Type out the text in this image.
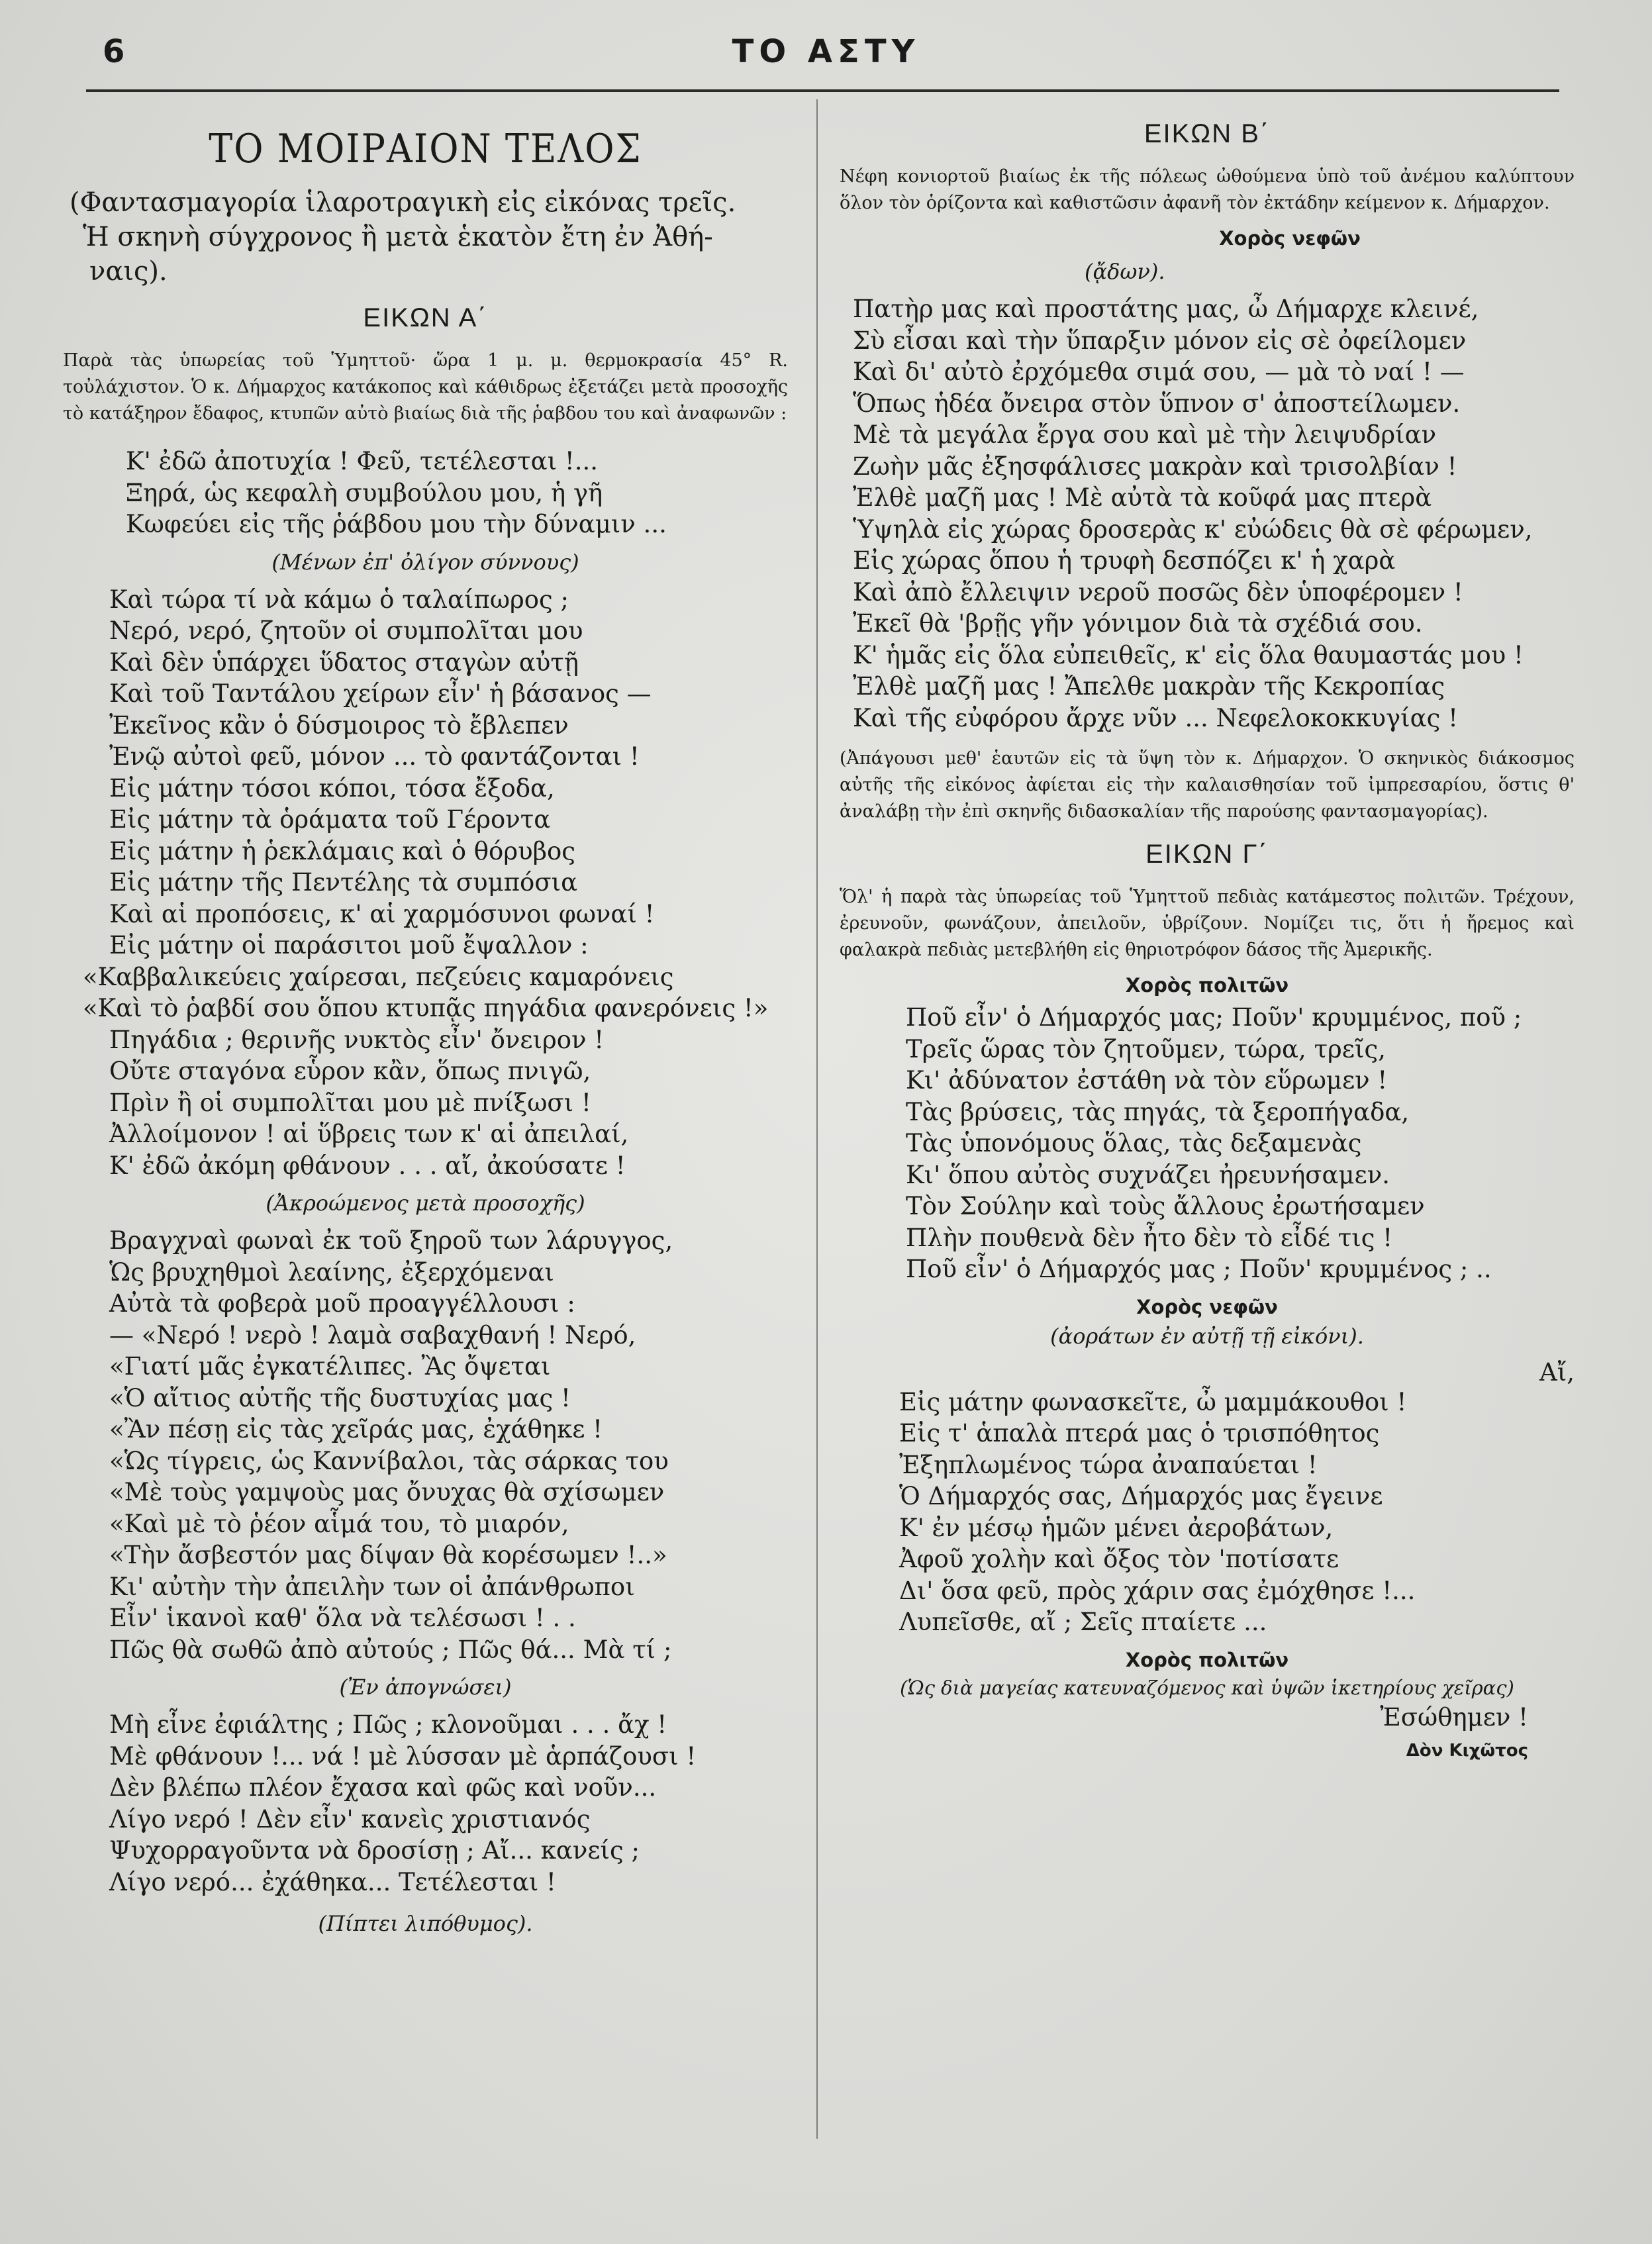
6	ΤΟ ΑΣΤΥ
ΤΟ ΜΟΙΡΑΙΟΝ ΤΕΛΟΣ
(Φαντασμαγορία ἱλαροτραγικὴ εἰς εἰκόνας τρεῖς.
Ἡ σκηνὴ σύγχρονος ἢ μετὰ ἑκατὸν ἔτη ἐν Ἀθή-
ναις).
ΕΙΚΩΝ Α΄
Παρὰ τὰς ὑπωρείας τοῦ Ὑμηττοῦ· ὥρα 1 μ. μ. θερμοκρασία 45° R. τοὐλάχιστον. Ὁ κ. Δήμαρχος κατάκοπος καὶ κάθιδρως ἐξετάζει μετὰ προσοχῆς τὸ κατάξηρον ἔδαφος, κτυπῶν αὐτὸ βιαίως διὰ τῆς ῥαβδου του καὶ ἀναφωνῶν :
Κ' ἐδῶ ἀποτυχία ! Φεῦ, τετέλεσται !...
Ξηρά, ὡς κεφαλὴ συμβούλου μου, ἡ γῆ
Κωφεύει εἰς τῆς ῥάβδου μου τὴν δύναμιν ...
(Μένων ἐπ' ὀλίγον σύννους)
Καὶ τώρα τί νὰ κάμω ὁ ταλαίπωρος ;
Νερό, νερό, ζητοῦν οἱ συμπολῖται μου
Καὶ δὲν ὑπάρχει ὕδατος σταγὼν αὐτῇ
Καὶ τοῦ Ταντάλου χείρων εἶν' ἡ βάσανος —
Ἐκεῖνος κἂν ὁ δύσμοιρος τὸ ἔβλεπεν
Ἐνῷ αὐτοὶ φεῦ, μόνον ... τὸ φαντάζονται !
Εἰς μάτην τόσοι κόποι, τόσα ἔξοδα,
Εἰς μάτην τὰ ὁράματα τοῦ Γέροντα
Εἰς μάτην ἡ ῥεκλάμαις καὶ ὁ θόρυβος
Εἰς μάτην τῆς Πεντέλης τὰ συμπόσια
Καὶ αἱ προπόσεις, κ' αἱ χαρμόσυνοι φωναί !
Εἰς μάτην οἱ παράσιτοι μοῦ ἔψαλλον :
«Καββαλικεύεις χαίρεσαι, πεζεύεις καμαρόνεις
«Καὶ τὸ ῥαβδί σου ὅπου κτυπᾷς πηγάδια φανερόνεις !»
Πηγάδια ; θερινῆς νυκτὸς εἶν' ὄνειρον !
Οὔτε σταγόνα εὗρον κἂν, ὅπως πνιγῶ,
Πρὶν ἢ οἱ συμπολῖται μου μὲ πνίξωσι !
Ἀλλοίμονον ! αἱ ὕβρεις των κ' αἱ ἀπειλαί,
Κ' ἐδῶ ἀκόμη φθάνουν . . . αἴ, ἀκούσατε !
(Ἀκροώμενος μετὰ προσοχῆς)
Βραγχναὶ φωναὶ ἐκ τοῦ ξηροῦ των λάρυγγος,
Ὡς βρυχηθμοὶ λεαίνης, ἐξερχόμεναι
Αὐτὰ τὰ φοβερὰ μοῦ προαγγέλλουσι :
— «Νερό ! νερὸ ! λαμὰ σαβαχθανή ! Νερό,
«Γιατί μᾶς ἐγκατέλιπες. Ἂς ὄψεται
«Ὁ αἴτιος αὐτῆς τῆς δυστυχίας μας !
«Ἂν πέσῃ εἰς τὰς χεῖράς μας, ἐχάθηκε !
«Ὡς τίγρεις, ὡς Καννίβαλοι, τὰς σάρκας του
«Μὲ τοὺς γαμψοὺς μας ὄνυχας θὰ σχίσωμεν
«Καὶ μὲ τὸ ῥέον αἷμά του, τὸ μιαρόν,
«Τὴν ἄσβεστόν μας δίψαν θὰ κορέσωμεν !..»
Κι' αὐτὴν τὴν ἀπειλὴν των οἱ ἀπάνθρωποι
Εἶν' ἱκανοὶ καθ' ὅλα νὰ τελέσωσι ! . .
Πῶς θὰ σωθῶ ἀπὸ αὐτούς ; Πῶς θά... Μὰ τί ;
(Ἐν ἀπογνώσει)
Μὴ εἶνε ἐφιάλτης ; Πῶς ; κλονοῦμαι . . . ἄχ !
Μὲ φθάνουν !... νά ! μὲ λύσσαν μὲ ἁρπάζουσι !
Δὲν βλέπω πλέον ἔχασα καὶ φῶς καὶ νοῦν...
Λίγο νερό ! Δὲν εἶν' κανεὶς χριστιανός
Ψυχορραγοῦντα νὰ δροσίσῃ ; Αἴ... κανείς ;
Λίγο νερό... ἐχάθηκα... Τετέλεσται !
(Πίπτει λιπόθυμος).
ΕΙΚΩΝ Β΄
Νέφη κονιορτοῦ βιαίως ἐκ τῆς πόλεως ὠθούμενα ὑπὸ τοῦ ἀνέμου καλύπτουν ὅλον τὸν ὁρίζοντα καὶ καθιστῶσιν ἀφανῆ τὸν ἐκτάδην κείμενον κ. Δήμαρχον.
Χορὸς νεφῶν
(ᾄδων).
Πατὴρ μας καὶ προστάτης μας, ὦ Δήμαρχε κλεινέ,
Σὺ εἶσαι καὶ τὴν ὕπαρξιν μόνον εἰς σὲ ὀφείλομεν
Καὶ δι' αὐτὸ ἐρχόμεθα σιμά σου, — μὰ τὸ ναί ! —
Ὅπως ἡδέα ὄνειρα στὸν ὕπνον σ' ἀποστείλωμεν.
Μὲ τὰ μεγάλα ἔργα σου καὶ μὲ τὴν λειψυδρίαν
Ζωὴν μᾶς ἐξησφάλισες μακρὰν καὶ τρισολβίαν !
Ἐλθὲ μαζῆ μας ! Μὲ αὐτὰ τὰ κοῦφά μας πτερὰ
Ὑψηλὰ εἰς χώρας δροσερὰς κ' εὐώδεις θὰ σὲ φέρωμεν,
Εἰς χώρας ὅπου ἡ τρυφὴ δεσπόζει κ' ἡ χαρὰ
Καὶ ἀπὸ ἔλλειψιν νεροῦ ποσῶς δὲν ὑποφέρομεν !
Ἐκεῖ θὰ 'βρῇς γῆν γόνιμον διὰ τὰ σχέδιά σου.
Κ' ἡμᾶς εἰς ὅλα εὐπειθεῖς, κ' εἰς ὅλα θαυμαστάς μου !
Ἐλθὲ μαζῆ μας ! Ἄπελθε μακρὰν τῆς Κεκροπίας
Καὶ τῆς εὐφόρου ἄρχε νῦν ... Νεφελοκοκκυγίας !
(Ἀπάγουσι μεθ' ἑαυτῶν εἰς τὰ ὕψη τὸν κ. Δήμαρχον. Ὁ σκηνικὸς διάκοσμος αὐτῆς τῆς εἰκόνος ἀφίεται εἰς τὴν καλαισθησίαν τοῦ ἰμπρεσαρίου, ὅστις θ' ἀναλάβῃ τὴν ἐπὶ σκηνῆς διδασκαλίαν τῆς παρούσης φαντασμαγορίας).
ΕΙΚΩΝ Γ΄
Ὅλ' ἡ παρὰ τὰς ὑπωρείας τοῦ Ὑμηττοῦ πεδιὰς κατάμεστος πολιτῶν. Τρέχουν, ἐρευνοῦν, φωνάζουν, ἀπειλοῦν, ὑβρίζουν. Νομίζει τις, ὅτι ἡ ἤρεμος καὶ φαλακρὰ πεδιὰς μετεβλήθη εἰς θηριοτρόφον δάσος τῆς Ἀμερικῆς.
Χορὸς πολιτῶν
Ποῦ εἶν' ὁ Δήμαρχός μας; Ποῦν' κρυμμένος, ποῦ ;
Τρεῖς ὥρας τὸν ζητοῦμεν, τώρα, τρεῖς,
Κι' ἀδύνατον ἐστάθη νὰ τὸν εὕρωμεν !
Τὰς βρύσεις, τὰς πηγάς, τὰ ξεροπήγαδα,
Τὰς ὑπονόμους ὅλας, τὰς δεξαμενὰς
Κι' ὅπου αὐτὸς συχνάζει ἠρευνήσαμεν.
Τὸν Σούλην καὶ τοὺς ἄλλους ἐρωτήσαμεν
Πλὴν πουθενὰ δὲν ἦτο δὲν τὸ εἶδέ τις !
Ποῦ εἶν' ὁ Δήμαρχός μας ; Ποῦν' κρυμμένος ; ..
Χορὸς νεφῶν
(ἀοράτων ἐν αὐτῇ τῇ εἰκόνι).
Αἴ,
Εἰς μάτην φωνασκεῖτε, ὦ μαμμάκουθοι !
Εἰς τ' ἁπαλὰ πτερά μας ὁ τρισπόθητος
Ἐξηπλωμένος τώρα ἀναπαύεται !
Ὁ Δήμαρχός σας, Δήμαρχός μας ἔγεινε
Κ' ἐν μέσῳ ἡμῶν μένει ἀεροβάτων,
Ἀφοῦ χολὴν καὶ ὄξος τὸν 'ποτίσατε
Δι' ὅσα φεῦ, πρὸς χάριν σας ἐμόχθησε !...
Λυπεῖσθε, αἴ ; Σεῖς πταίετε ...
Χορὸς πολιτῶν
(Ὡς διὰ μαγείας κατευναζόμενος καὶ ὑψῶν ἱκετηρίους χεῖρας)
Ἐσώθημεν !
Δὸν Κιχῶτος
